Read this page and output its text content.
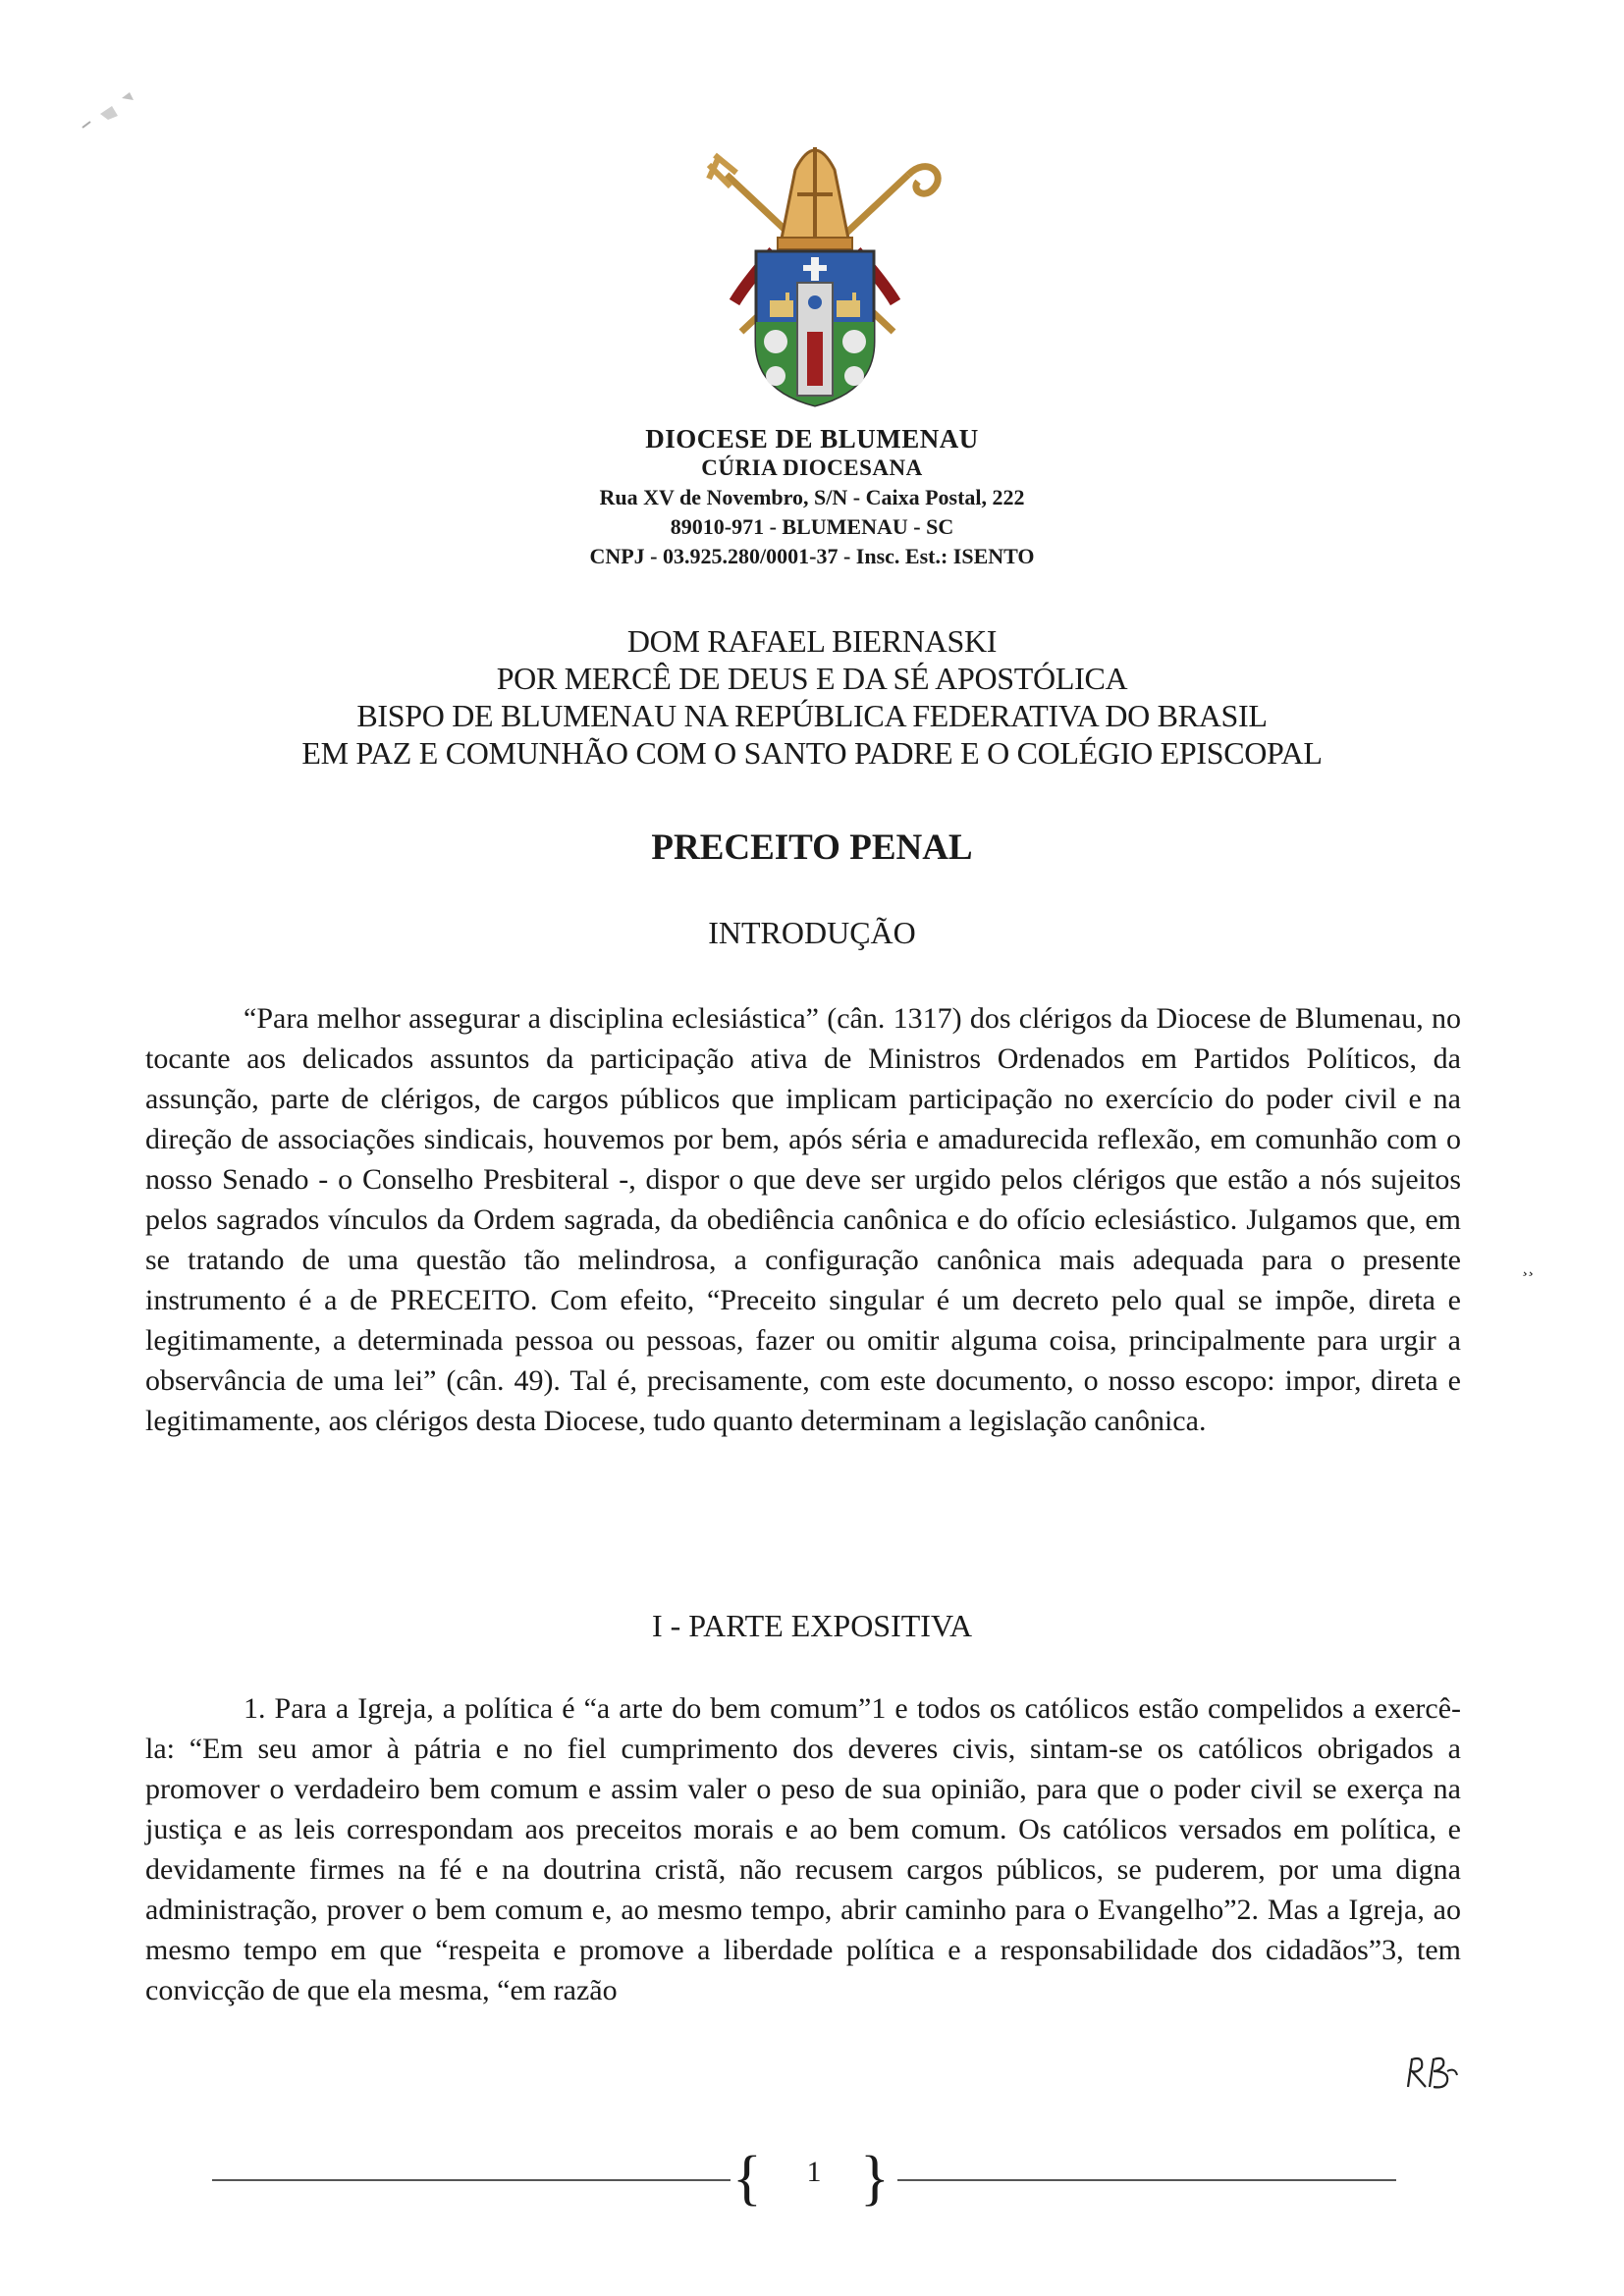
DIOCESE DE BLUMENAU
CÚRIA DIOCESANA
Rua XV de Novembro, S/N - Caixa Postal, 222
89010-971 - BLUMENAU - SC
CNPJ - 03.925.280/0001-37 - Insc. Est.: ISENTO
DOM RAFAEL BIERNASKI
POR MERCÊ DE DEUS E DA SÉ APOSTÓLICA
BISPO DE BLUMENAU NA REPÚBLICA FEDERATIVA DO BRASIL
EM PAZ E COMUNHÃO COM O SANTO PADRE E O COLÉGIO EPISCOPAL
PRECEITO PENAL
INTRODUÇÃO

“Para melhor assegurar a disciplina eclesiástica” (cân. 1317) dos clérigos da Diocese de Blumenau, no tocante aos delicados assuntos da participação ativa de Ministros Ordenados em Partidos Políticos, da assunção, parte de clérigos, de cargos públicos que implicam participação no exercício do poder civil e na direção de associações sindicais, houvemos por bem, após séria e amadurecida reflexão, em comunhão com o nosso Senado - o Conselho Presbiteral -, dispor o que deve ser urgido pelos clérigos que estão a nós sujeitos pelos sagrados vínculos da Ordem sagrada, da obediência canônica e do ofício eclesiástico. Julgamos que, em se tratando de uma questão tão melindrosa, a configuração canônica mais adequada para o presente instrumento é a de PRECEITO. Com efeito, “Preceito singular é um decreto pelo qual se impõe, direta e legitimamente, a determinada pessoa ou pessoas, fazer ou omitir alguma coisa, principalmente para urgir a observância de uma lei” (cân. 49). Tal é, precisamente, com este documento, o nosso escopo: impor, direta e legitimamente, aos clérigos desta Diocese, tudo quanto determinam a legislação canônica.

¸¸
I - PARTE EXPOSITIVA

1. Para a Igreja, a política é “a arte do bem comum”1 e todos os católicos estão compelidos a exercê-la: “Em seu amor à pátria e no fiel cumprimento dos deveres civis, sintam-se os católicos obrigados a promover o verdadeiro bem comum e assim valer o peso de sua opinião, para que o poder civil se exerça na justiça e as leis correspondam aos preceitos morais e ao bem comum. Os católicos versados em política, e devidamente firmes na fé e na doutrina cristã, não recusem cargos públicos, se puderem, por uma digna administração, prover o bem comum e, ao mesmo tempo, abrir caminho para o Evangelho”2. Mas a Igreja, ao mesmo tempo em que “respeita e promove a liberdade política e a responsabilidade dos cidadãos”3, tem convicção de que ela mesma, “em razão

{	1 }
